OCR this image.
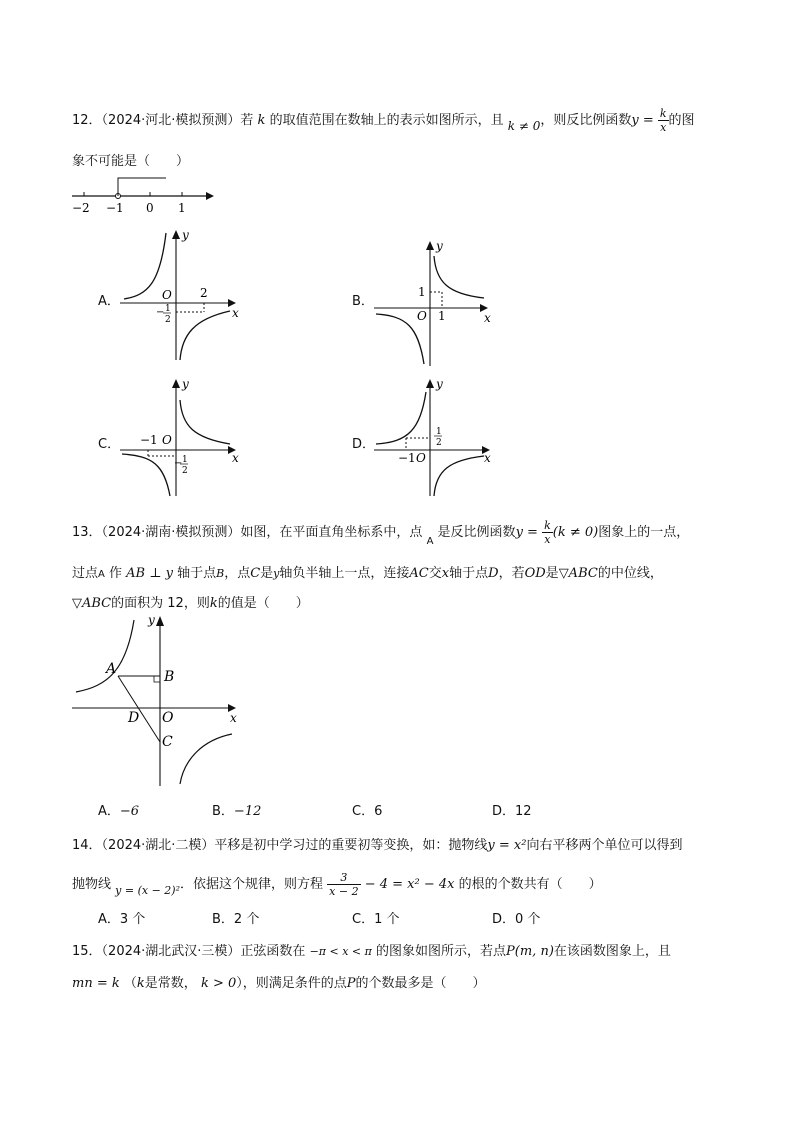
12．（2024·河北·模拟预测）若 k 的取值范围在数轴上的表示如图所示，且 k ≠ 0，则反比例函数$y = \frac{k}{x}$ 的图
象不可能是（　　）
−2 −1 0 1
A．
y
x
O 2
− 1
2
B．
y
x
O
1
1
C．
y
x
−1 O
− 1
2
D．
y
x
−1 O
1
2
13．（2024·湖南·模拟预测）如图，在平面直角坐标系中，点 $_A$ 是反比例函数$y = \frac{k}{x} (k \ne 0)$图象上的一点，
过点A 作 AB ⊥ y 轴于点B，点C是y轴负半轴上一点，连接AC交x轴于点D，若OD是▽ABC的中位线，
▽ABC的面积为 12，则k的值是（　　）
y
x
A	B
D O
C
A．−6	B．−12	C．6	D．12
14．（2024·湖北·二模）平移是初中学习过的重要初等变换，如：抛物线y = x²向右平移两个单位可以得到
抛物线 $_{y = (x - 2)^2}$．依据这个规律，则方程 $\frac{3}{x - 2} - 4 = x^2 - 4x$ 的根的个数共有（　　）
A．3 个	B．2 个	C．1 个	D．0 个
15．（2024·湖北武汉·三模）正弦函数在 −π < x < π 的图象如图所示，若点P(m, n)在该函数图象上，且
mn = k （k是常数， k > 0），则满足条件的点P的个数最多是（　　）
